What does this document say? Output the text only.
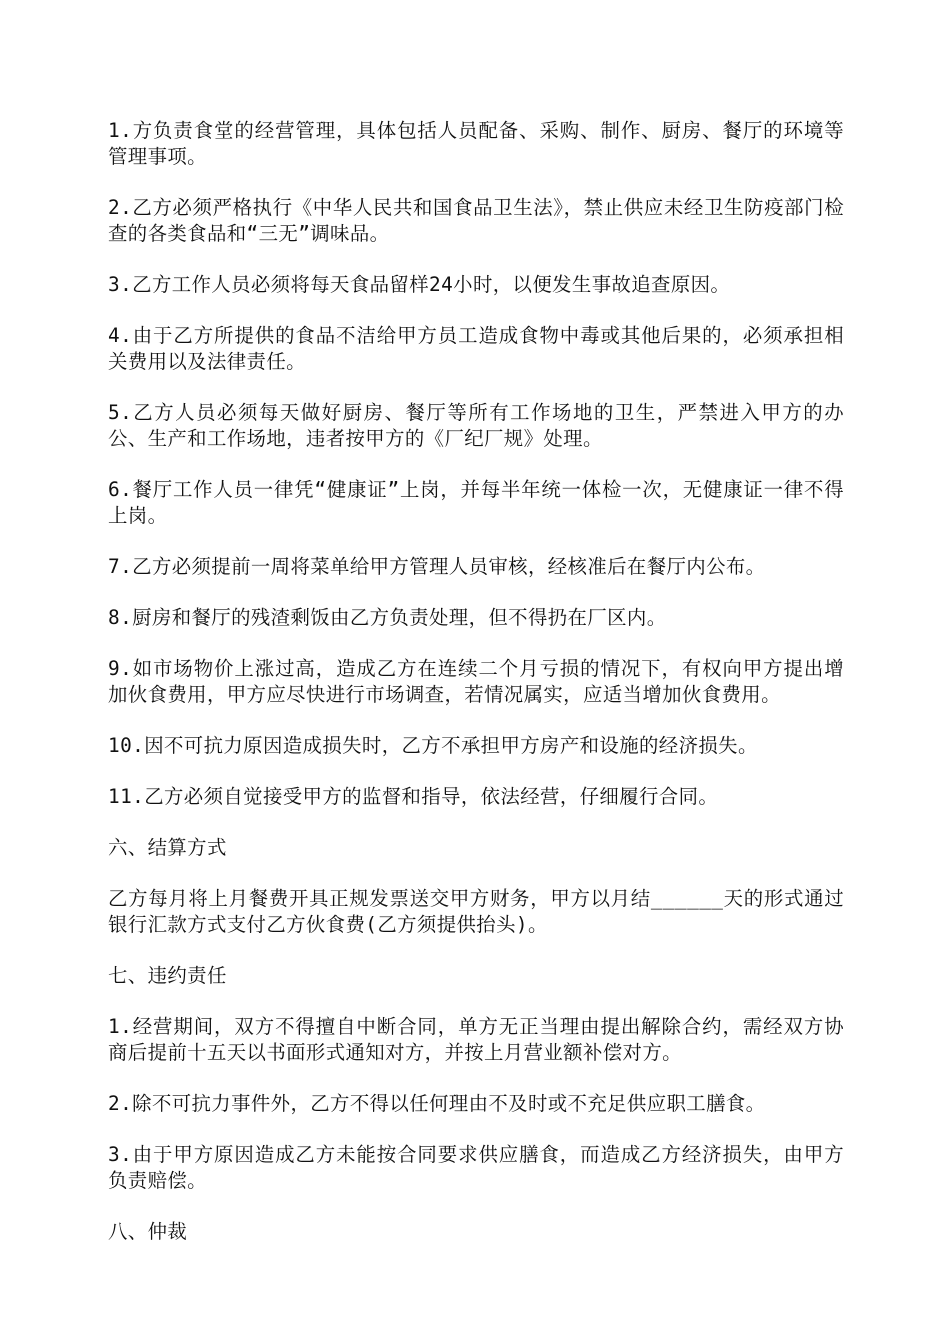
1.方负责食堂的经营管理，具体包括人员配备、采购、制作、厨房、餐厅的环境等管理事项。

2.乙方必须严格执行《中华人民共和国食品卫生法》，禁止供应未经卫生防疫部门检查的各类食品和“三无”调味品。

3.乙方工作人员必须将每天食品留样24小时，以便发生事故追查原因。

4.由于乙方所提供的食品不洁给甲方员工造成食物中毒或其他后果的，必须承担相关费用以及法律责任。

5.乙方人员必须每天做好厨房、餐厅等所有工作场地的卫生，严禁进入甲方的办公、生产和工作场地，违者按甲方的《厂纪厂规》处理。

6.餐厅工作人员一律凭“健康证”上岗，并每半年统一体检一次，无健康证一律不得上岗。

7.乙方必须提前一周将菜单给甲方管理人员审核，经核准后在餐厅内公布。

8.厨房和餐厅的残渣剩饭由乙方负责处理，但不得扔在厂区内。

9.如市场物价上涨过高，造成乙方在连续二个月亏损的情况下，有权向甲方提出增加伙食费用，甲方应尽快进行市场调查，若情况属实，应适当增加伙食费用。

10.因不可抗力原因造成损失时，乙方不承担甲方房产和设施的经济损失。

11.乙方必须自觉接受甲方的监督和指导，依法经营，仔细履行合同。

六、结算方式

乙方每月将上月餐费开具正规发票送交甲方财务，甲方以月结______天的形式通过银行汇款方式支付乙方伙食费(乙方须提供抬头)。

七、违约责任

1.经营期间，双方不得擅自中断合同，单方无正当理由提出解除合约，需经双方协商后提前十五天以书面形式通知对方，并按上月营业额补偿对方。

2.除不可抗力事件外，乙方不得以任何理由不及时或不充足供应职工膳食。

3.由于甲方原因造成乙方未能按合同要求供应膳食，而造成乙方经济损失，由甲方负责赔偿。

八、仲裁
